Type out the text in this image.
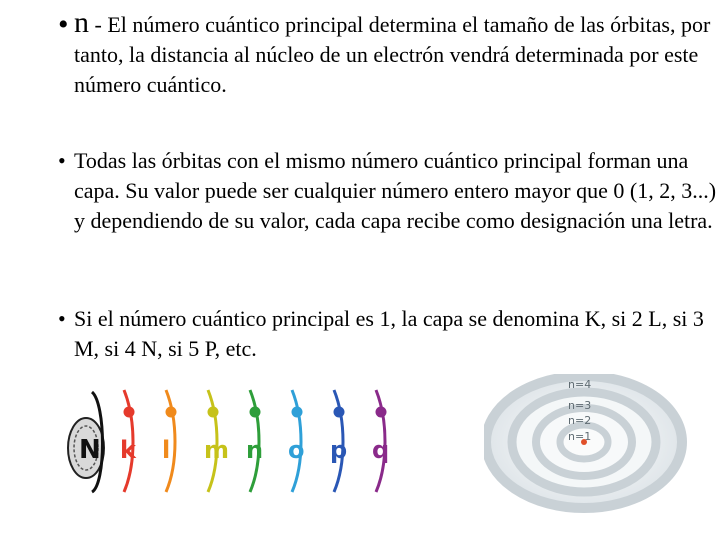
• n - El número cuántico principal determina el tamaño de las órbitas, por tanto, la distancia al núcleo de un electrón vendrá determinada por este número cuántico.
• Todas las órbitas con el mismo número cuántico principal forman una capa. Su valor puede ser cualquier número entero mayor que 0 (1, 2, 3...) y dependiendo de su valor, cada capa recibe como designación una letra.
• Si el número cuántico principal es 1, la capa se denomina K, si 2 L, si 3 M, si 4 N, si 5 P, etc.
N k l m n o p q
n=4
n=3
n=2
n=1
